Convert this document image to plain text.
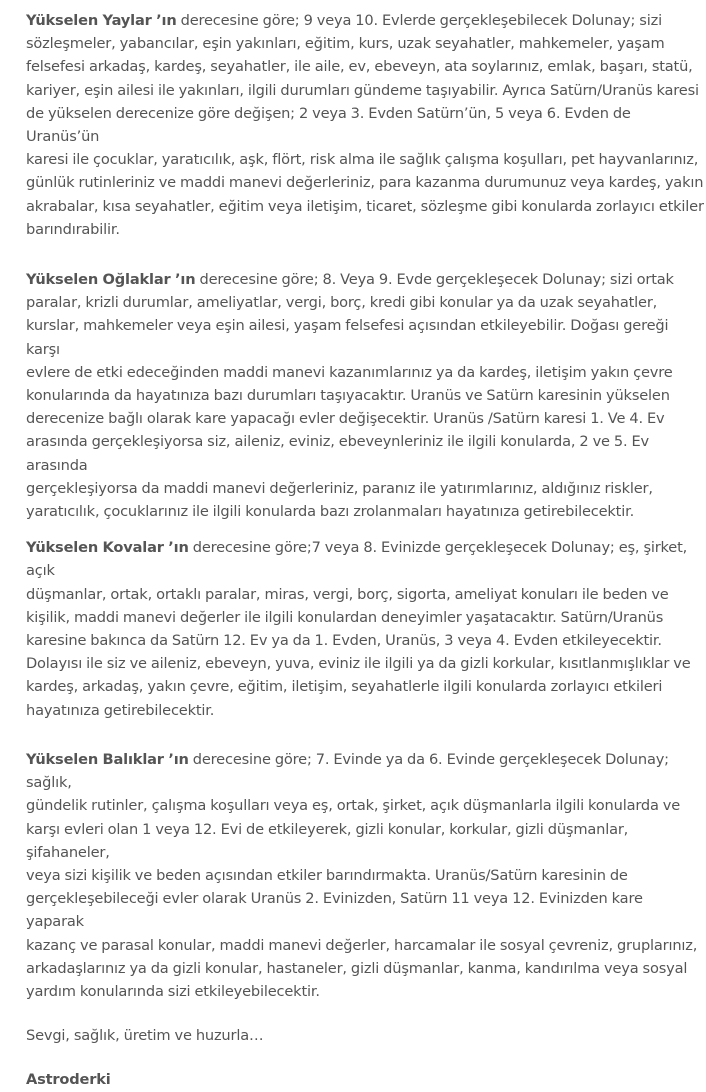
Yükselen Yaylar ’ın derecesine göre; 9 veya 10. Evlerde gerçekleşebilecek Dolunay; sizi
sözleşmeler, yabancılar, eşin yakınları, eğitim, kurs, uzak seyahatler, mahkemeler, yaşam
felsefesi arkadaş, kardeş, seyahatler, ile aile, ev, ebeveyn, ata soylarınız, emlak, başarı, statü,
kariyer, eşin ailesi ile yakınları, ilgili durumları gündeme taşıyabilir. Ayrıca Satürn/Uranüs karesi
de yükselen derecenize göre değişen; 2 veya 3. Evden Satürn’ün, 5 veya 6. Evden de Uranüs’ün
karesi ile çocuklar, yaratıcılık, aşk, flört, risk alma ile sağlık çalışma koşulları, pet hayvanlarınız,
günlük rutinleriniz ve maddi manevi değerleriniz, para kazanma durumunuz veya kardeş, yakın
akrabalar, kısa seyahatler, eğitim veya iletişim, ticaret, sözleşme gibi konularda zorlayıcı etkiler
barındırabilir.

Yükselen Oğlaklar ’ın derecesine göre; 8. Veya 9. Evde gerçekleşecek Dolunay; sizi ortak
paralar, krizli durumlar, ameliyatlar, vergi, borç, kredi gibi konular ya da uzak seyahatler,
kurslar, mahkemeler veya eşin ailesi, yaşam felsefesi açısından etkileyebilir. Doğası gereği karşı
evlere de etki edeceğinden maddi manevi kazanımlarınız ya da kardeş, iletişim yakın çevre
konularında da hayatınıza bazı durumları taşıyacaktır. Uranüs ve Satürn karesinin yükselen
derecenize bağlı olarak kare yapacağı evler değişecektir. Uranüs /Satürn karesi 1. Ve 4. Ev
arasında gerçekleşiyorsa siz, aileniz, eviniz, ebeveynleriniz ile ilgili konularda, 2 ve 5. Ev arasında
gerçekleşiyorsa da maddi manevi değerleriniz, paranız ile yatırımlarınız, aldığınız riskler,
yaratıcılık, çocuklarınız ile ilgili konularda bazı zrolanmaları hayatınıza getirebilecektir.

Yükselen Kovalar ’ın derecesine göre;7 veya 8. Evinizde gerçekleşecek Dolunay; eş, şirket, açık
düşmanlar, ortak, ortaklı paralar, miras, vergi, borç, sigorta, ameliyat konuları ile beden ve
kişilik, maddi manevi değerler ile ilgili konulardan deneyimler yaşatacaktır. Satürn/Uranüs
karesine bakınca da Satürn 12. Ev ya da 1. Evden, Uranüs, 3 veya 4. Evden etkileyecektir.
Dolayısı ile siz ve aileniz, ebeveyn, yuva, eviniz ile ilgili ya da gizli korkular, kısıtlanmışlıklar ve
kardeş, arkadaş, yakın çevre, eğitim, iletişim, seyahatlerle ilgili konularda zorlayıcı etkileri
hayatınıza getirebilecektir.

Yükselen Balıklar ’ın derecesine göre; 7. Evinde ya da 6. Evinde gerçekleşecek Dolunay; sağlık,
gündelik rutinler, çalışma koşulları veya eş, ortak, şirket, açık düşmanlarla ilgili konularda ve
karşı evleri olan 1 veya 12. Evi de etkileyerek, gizli konular, korkular, gizli düşmanlar, şifahaneler,
veya sizi kişilik ve beden açısından etkiler barındırmakta. Uranüs/Satürn karesinin de
gerçekleşebileceği evler olarak Uranüs 2. Evinizden, Satürn 11 veya 12. Evinizden kare yaparak
kazanç ve parasal konular, maddi manevi değerler, harcamalar ile sosyal çevreniz, gruplarınız,
arkadaşlarınız ya da gizli konular, hastaneler, gizli düşmanlar, kanma, kandırılma veya sosyal
yardım konularında sizi etkileyebilecektir.

Sevgi, sağlık, üretim ve huzurla…

Astroderki
